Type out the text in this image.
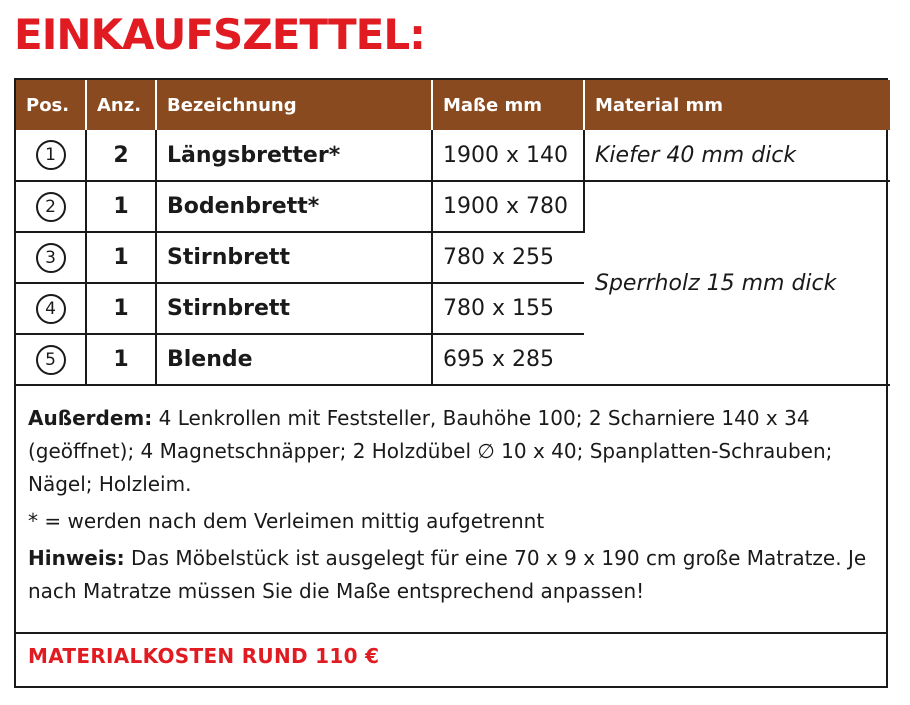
EINKAUFSZETTEL:
Pos.	Anz.	Bezeichnung	Maße mm	Material mm
1	2	Längsbretter*	1900 x 140	Kiefer 40 mm dick
2	1	Bodenbrett*	1900 x 780	Sperrholz 15 mm dick
3	1	Stirnbrett	780 x 255	
4	1	Stirnbrett	780 x 155	
5	1	Blende	695 x 285	

Außerdem: 4 Lenkrollen mit Feststeller, Bauhöhe 100; 2 Scharniere 140 x 34 (geöffnet); 4 Magnetschnäpper; 2 Holzdübel ∅ 10 x 40; Spanplatten-Schrauben; Nägel; Holzleim.

* = werden nach dem Verleimen mittig aufgetrennt

Hinweis: Das Möbelstück ist ausgelegt für eine 70 x 9 x 190 cm große Matratze. Je nach Matratze müssen Sie die Maße entsprechend anpassen!

MATERIALKOSTEN RUND 110 €
